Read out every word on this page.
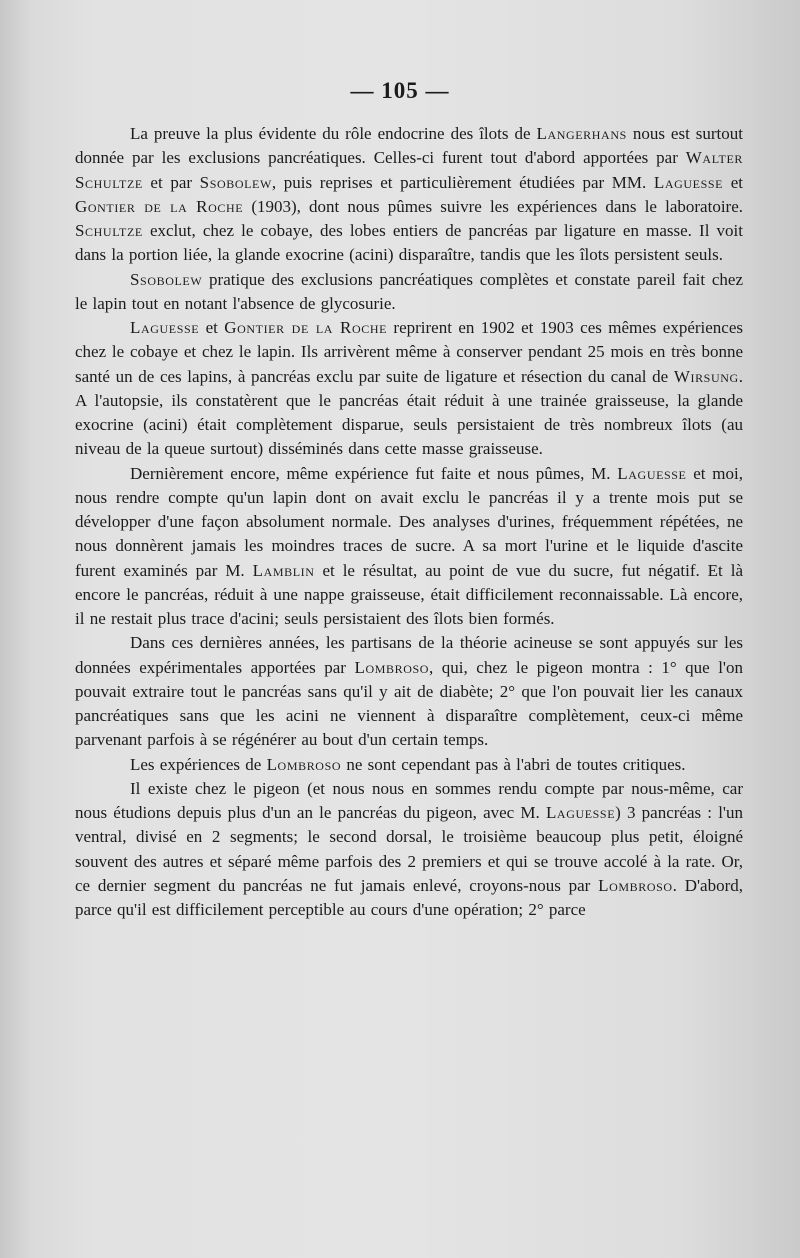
— 105 —

La preuve la plus évidente du rôle endocrine des îlots de Langerhans nous est surtout donnée par les exclusions pancréatiques. Celles-ci furent tout d'abord apportées par Walter Schultze et par Ssobolew, puis reprises et particulièrement étudiées par MM. Laguesse et Gontier de la Roche (1903), dont nous pûmes suivre les expériences dans le laboratoire. Schultze exclut, chez le cobaye, des lobes entiers de pancréas par ligature en masse. Il voit dans la portion liée, la glande exocrine (acini) disparaître, tandis que les îlots persistent seuls.

Ssobolew pratique des exclusions pancréatiques complètes et constate pareil fait chez le lapin tout en notant l'absence de glycosurie.

Laguesse et Gontier de la Roche reprirent en 1902 et 1903 ces mêmes expériences chez le cobaye et chez le lapin. Ils arrivèrent même à conserver pendant 25 mois en très bonne santé un de ces lapins, à pancréas exclu par suite de ligature et résection du canal de Wirsung. A l'autopsie, ils constatèrent que le pancréas était réduit à une trainée graisseuse, la glande exocrine (acini) était complètement disparue, seuls persistaient de très nombreux îlots (au niveau de la queue surtout) disséminés dans cette masse graisseuse.

Dernièrement encore, même expérience fut faite et nous pûmes, M. Laguesse et moi, nous rendre compte qu'un lapin dont on avait exclu le pancréas il y a trente mois put se développer d'une façon absolument normale. Des analyses d'urines, fréquemment répétées, ne nous donnèrent jamais les moindres traces de sucre. A sa mort l'urine et le liquide d'ascite furent examinés par M. Lamblin et le résultat, au point de vue du sucre, fut négatif. Et là encore le pancréas, réduit à une nappe graisseuse, était difficilement reconnaissable. Là encore, il ne restait plus trace d'acini; seuls persistaient des îlots bien formés.

Dans ces dernières années, les partisans de la théorie acineuse se sont appuyés sur les données expérimentales apportées par Lombroso, qui, chez le pigeon montra : 1° que l'on pouvait extraire tout le pancréas sans qu'il y ait de diabète; 2° que l'on pouvait lier les canaux pancréatiques sans que les acini ne viennent à disparaître complètement, ceux-ci même parvenant parfois à se régénérer au bout d'un certain temps.

Les expériences de Lombroso ne sont cependant pas à l'abri de toutes critiques.

Il existe chez le pigeon (et nous nous en sommes rendu compte par nous-même, car nous étudions depuis plus d'un an le pancréas du pigeon, avec M. Laguesse) 3 pancréas : l'un ventral, divisé en 2 segments; le second dorsal, le troisième beaucoup plus petit, éloigné souvent des autres et séparé même parfois des 2 premiers et qui se trouve accolé à la rate. Or, ce dernier segment du pancréas ne fut jamais enlevé, croyons-nous par Lombroso. D'abord, parce qu'il est difficilement perceptible au cours d'une opération; 2° parce
